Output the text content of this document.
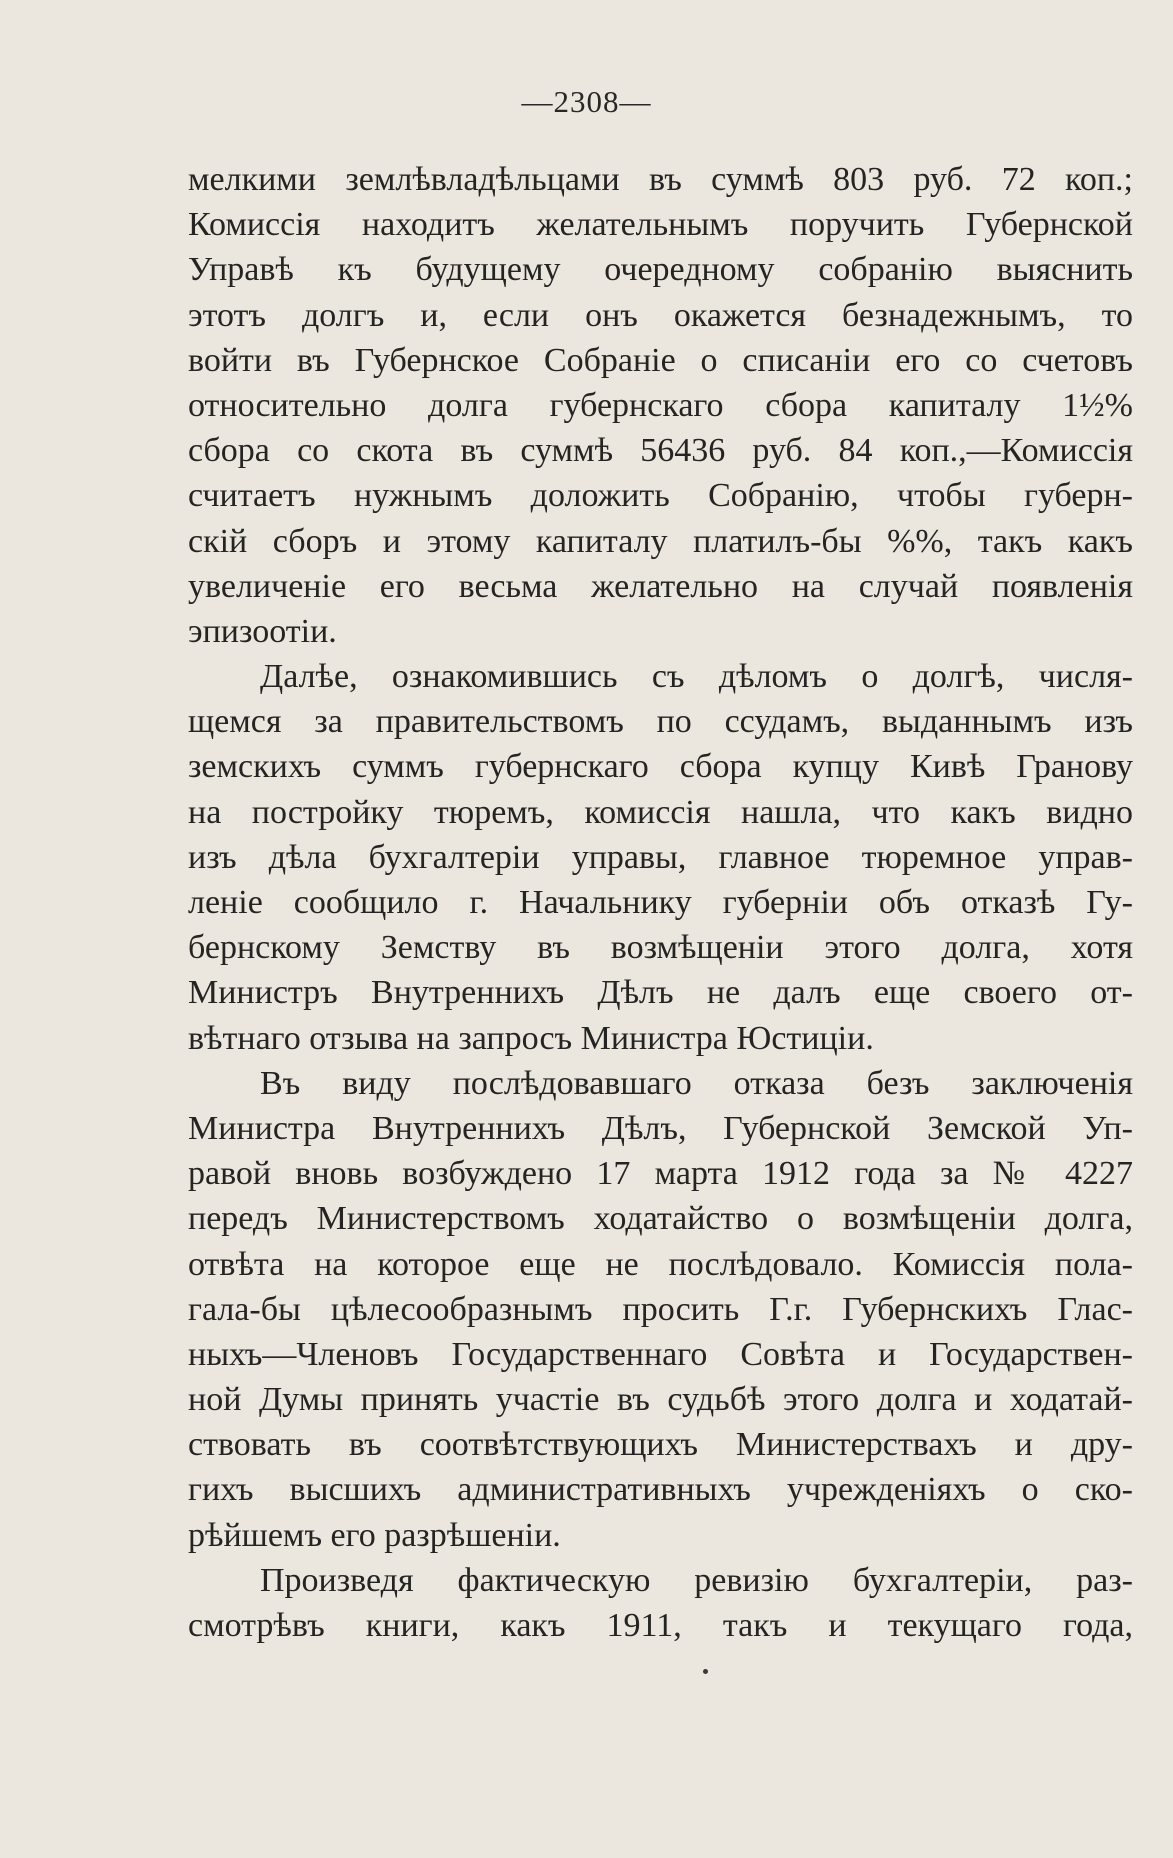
—2308—
мелкими землѣвладѣльцами въ суммѣ 803 руб. 72 коп.;
Комиссія находитъ желательнымъ поручить Губернской
Управѣ къ будущему очередному собранію выяснить
этотъ долгъ и, если онъ окажется безнадежнымъ, то
войти въ Губернское Собраніе о списаніи его со счетовъ
относительно долга губернскаго сбора капиталу 1½%
сбора со скота въ суммѣ 56436 руб. 84 коп.,—Комиссія
считаетъ нужнымъ доложить Собранію, чтобы губерн-
скій сборъ и этому капиталу платилъ-бы %%, такъ какъ
увеличеніе его весьма желательно на случай появленія
эпизоотіи.
Далѣе, ознакомившись съ дѣломъ о долгѣ, числя-
щемся за правительствомъ по ссудамъ, выданнымъ изъ
земскихъ суммъ губернскаго сбора купцу Кивѣ Гранову
на постройку тюремъ, комиссія нашла, что какъ видно
изъ дѣла бухгалтеріи управы, главное тюремное управ-
леніе сообщило г. Начальнику губерніи объ отказѣ Гу-
бернскому Земству въ возмѣщеніи этого долга, хотя
Министръ Внутреннихъ Дѣлъ не далъ еще своего от-
вѣтнаго отзыва на запросъ Министра Юстиціи.
Въ виду послѣдовавшаго отказа безъ заключенія
Министра Внутреннихъ Дѣлъ, Губернской Земской Уп-
равой вновь возбуждено 17 марта 1912 года за № 4227
передъ Министерствомъ ходатайство о возмѣщеніи долга,
отвѣта на которое еще не послѣдовало. Комиссія пола-
гала-бы цѣлесообразнымъ просить Г.г. Губернскихъ Глас-
ныхъ—Членовъ Государственнаго Совѣта и Государствен-
ной Думы принять участіе въ судьбѣ этого долга и ходатай-
ствовать въ соотвѣтствующихъ Министерствахъ и дру-
гихъ высшихъ административныхъ учрежденіяхъ о ско-
рѣйшемъ его разрѣшеніи.
Произведя фактическую ревизію бухгалтеріи, раз-
смотрѣвъ книги, какъ 1911, такъ и текущаго года,
